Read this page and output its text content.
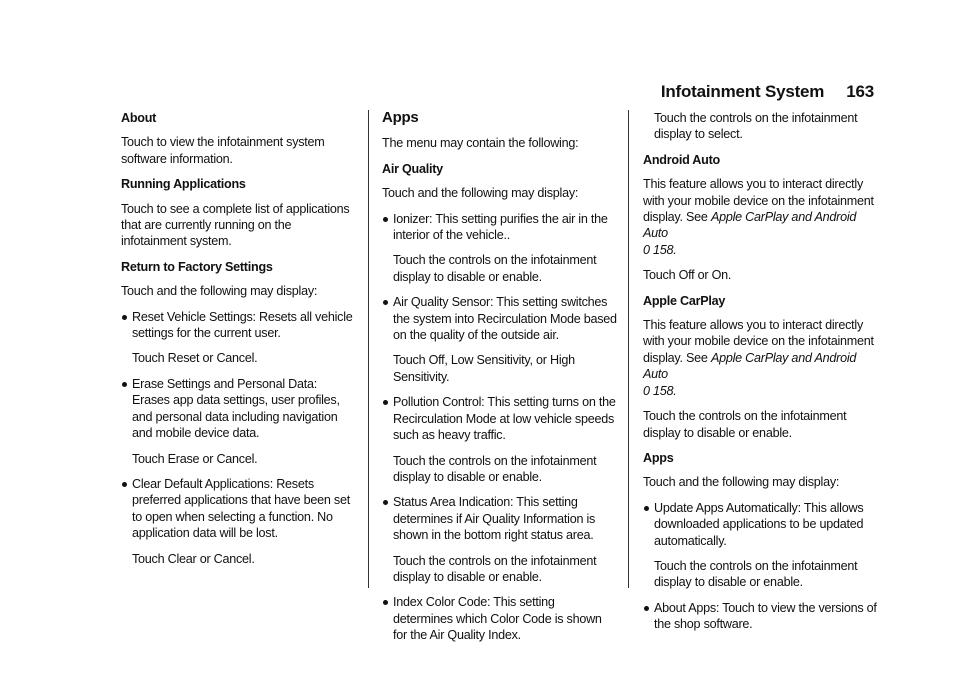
Infotainment System 163

About

Touch to view the infotainment system software information.

Running Applications

Touch to see a complete list of applications that are currently running on the infotainment system.

Return to Factory Settings

Touch and the following may display:

Reset Vehicle Settings: Resets all vehicle settings for the current user.

Touch Reset or Cancel.

Erase Settings and Personal Data: Erases app data settings, user profiles, and personal data including navigation and mobile device data.

Touch Erase or Cancel.

Clear Default Applications: Resets preferred applications that have been set to open when selecting a function. No application data will be lost.

Touch Clear or Cancel.

Apps

The menu may contain the following:

Air Quality

Touch and the following may display:

Ionizer: This setting purifies the air in the interior of the vehicle..

Touch the controls on the infotainment display to disable or enable.

Air Quality Sensor: This setting switches the system into Recirculation Mode based on the quality of the outside air.

Touch Off, Low Sensitivity, or High Sensitivity.

Pollution Control: This setting turns on the Recirculation Mode at low vehicle speeds such as heavy traffic.

Touch the controls on the infotainment display to disable or enable.

Status Area Indication: This setting determines if Air Quality Information is shown in the bottom right status area.

Touch the controls on the infotainment display to disable or enable.

Index Color Code: This setting determines which Color Code is shown for the Air Quality Index.

Touch the controls on the infotainment display to select.

Android Auto

This feature allows you to interact directly with your mobile device on the infotainment display. See Apple CarPlay and Android Auto
0 158.

Touch Off or On.

Apple CarPlay

This feature allows you to interact directly with your mobile device on the infotainment display. See Apple CarPlay and Android Auto
0 158.

Touch the controls on the infotainment display to disable or enable.

Apps

Touch and the following may display:

Update Apps Automatically: This allows downloaded applications to be updated automatically.

Touch the controls on the infotainment display to disable or enable.

About Apps: Touch to view the versions of the shop software.
